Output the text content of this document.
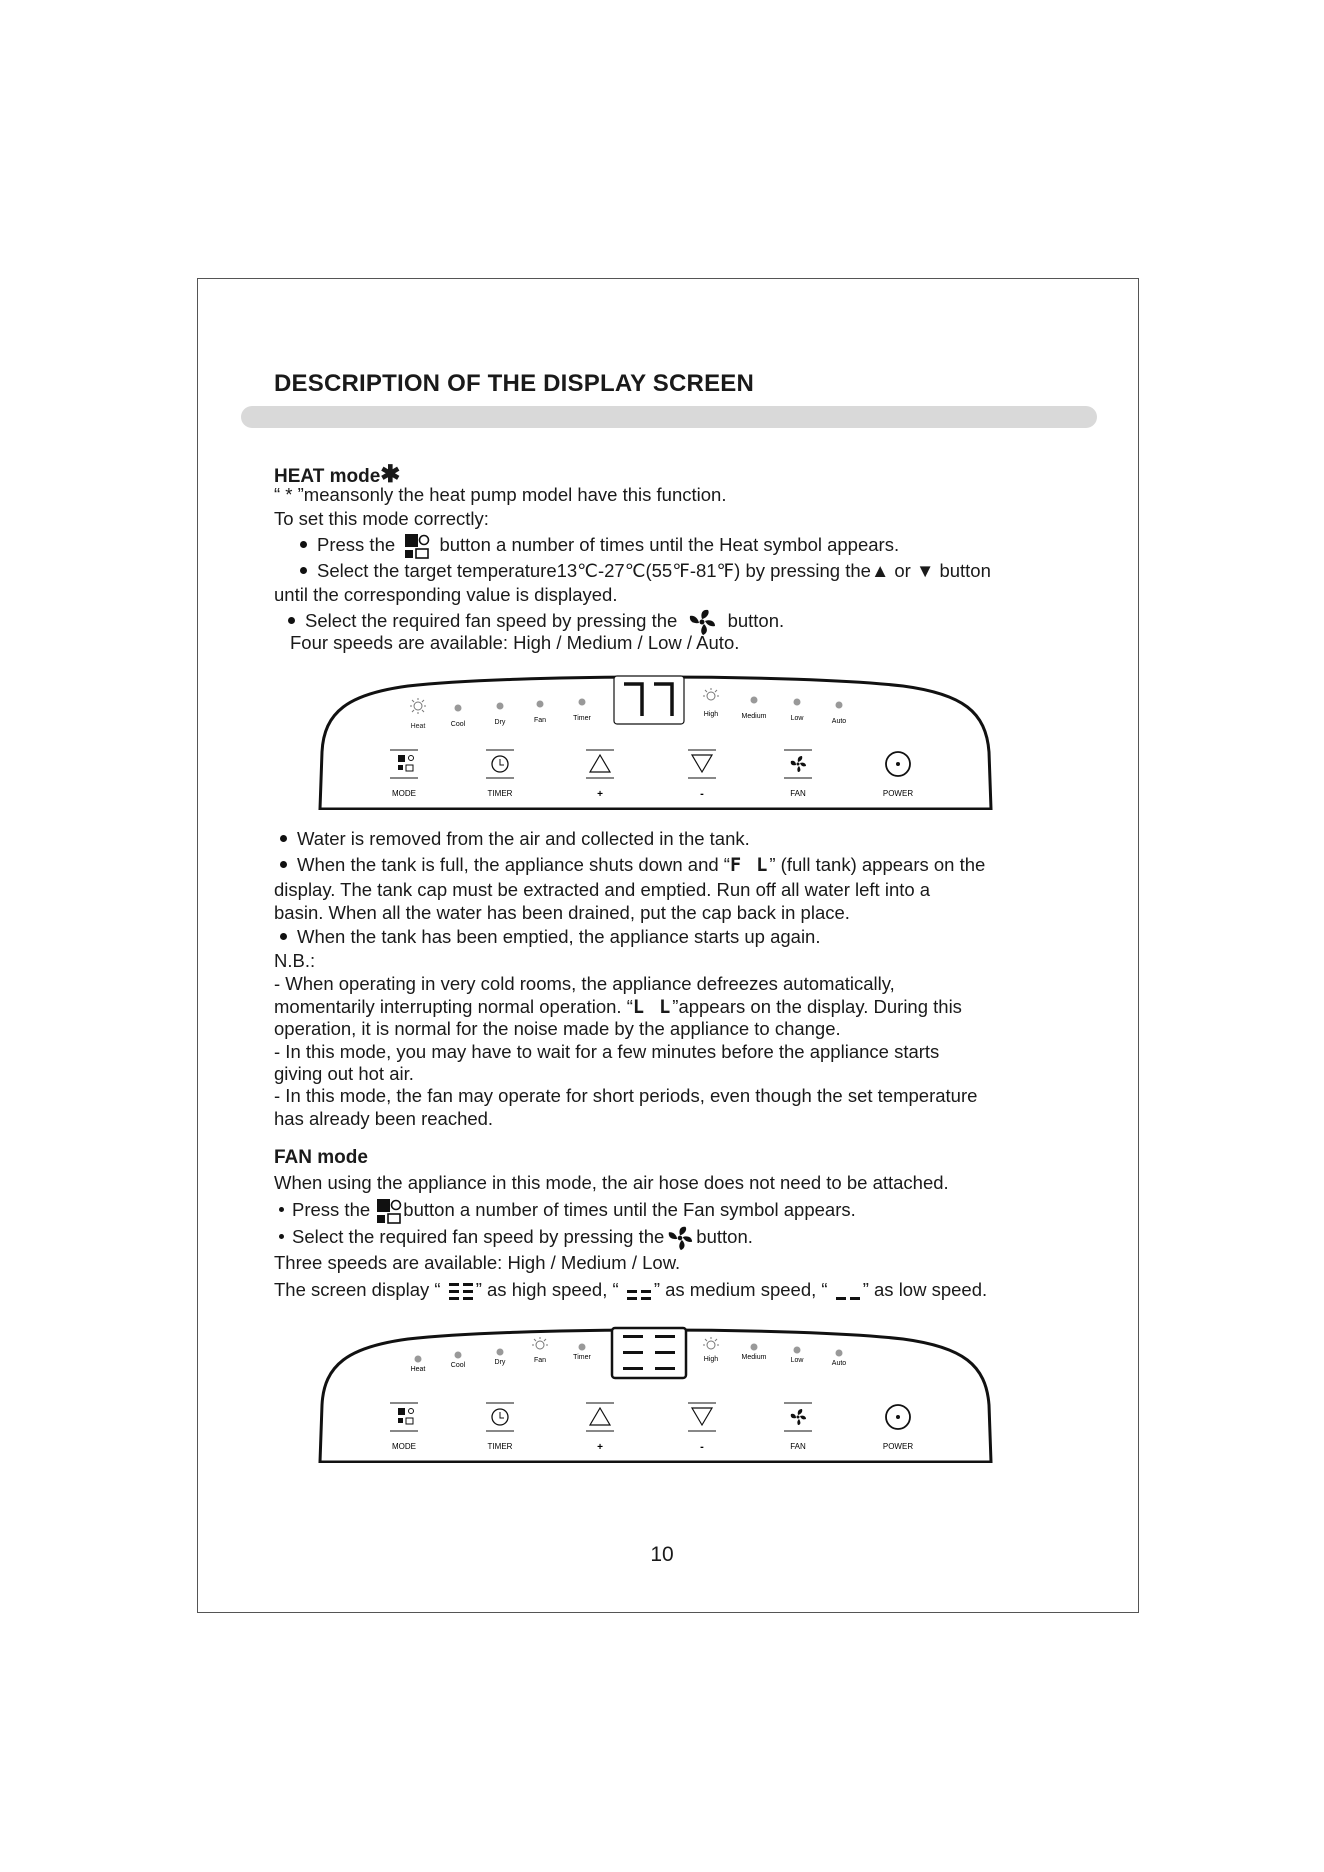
DESCRIPTION OF THE DISPLAY SCREEN
HEAT mode✱
“ * ”meansonly the heat pump model have this function.
To set this mode correctly:
Press the button a number of times until the Heat symbol appears.
Select the target temperature13℃-27℃(55℉-81℉) by pressing the▲ or ▼ button
until the corresponding value is displayed.
Select the required fan speed by pressing the	button.
Four speeds are available: High / Medium / Low / Auto.
Heat	Cool	Dry	Fan	Timer
High	Medium	Low	Auto
MODE	TIMER	+	-	FAN	POWER
Water is removed from the air and collected in the tank.
When the tank is full, the appliance shuts down and “F L” (full tank) appears on the
display. The tank cap must be extracted and emptied. Run off all water left into a
basin. When all the water has been drained, put the cap back in place.
When the tank has been emptied, the appliance starts up again.
N.B.:
- When operating in very cold rooms, the appliance defreezes automatically,
momentarily interrupting normal operation. “L L”appears on the display. During this
operation, it is normal for the noise made by the appliance to change.
- In this mode, you may have to wait for a few minutes before the appliance starts
giving out hot air.
- In this mode, the fan may operate for short periods, even though the set temperature
has already been reached.
FAN mode
When using the appliance in this mode, the air hose does not need to be attached.
Press the button a number of times until the Fan symbol appears.
Select the required fan speed by pressing the button.
Three speeds are available: High / Medium / Low.
The screen display “ ” as high speed, “ ” as medium speed, “ ” as low speed.
Heat
Cool	Dry	Fan	Timer	High	Medium	Low	Auto
MODE	TIMER	+	-	FAN	POWER
10
